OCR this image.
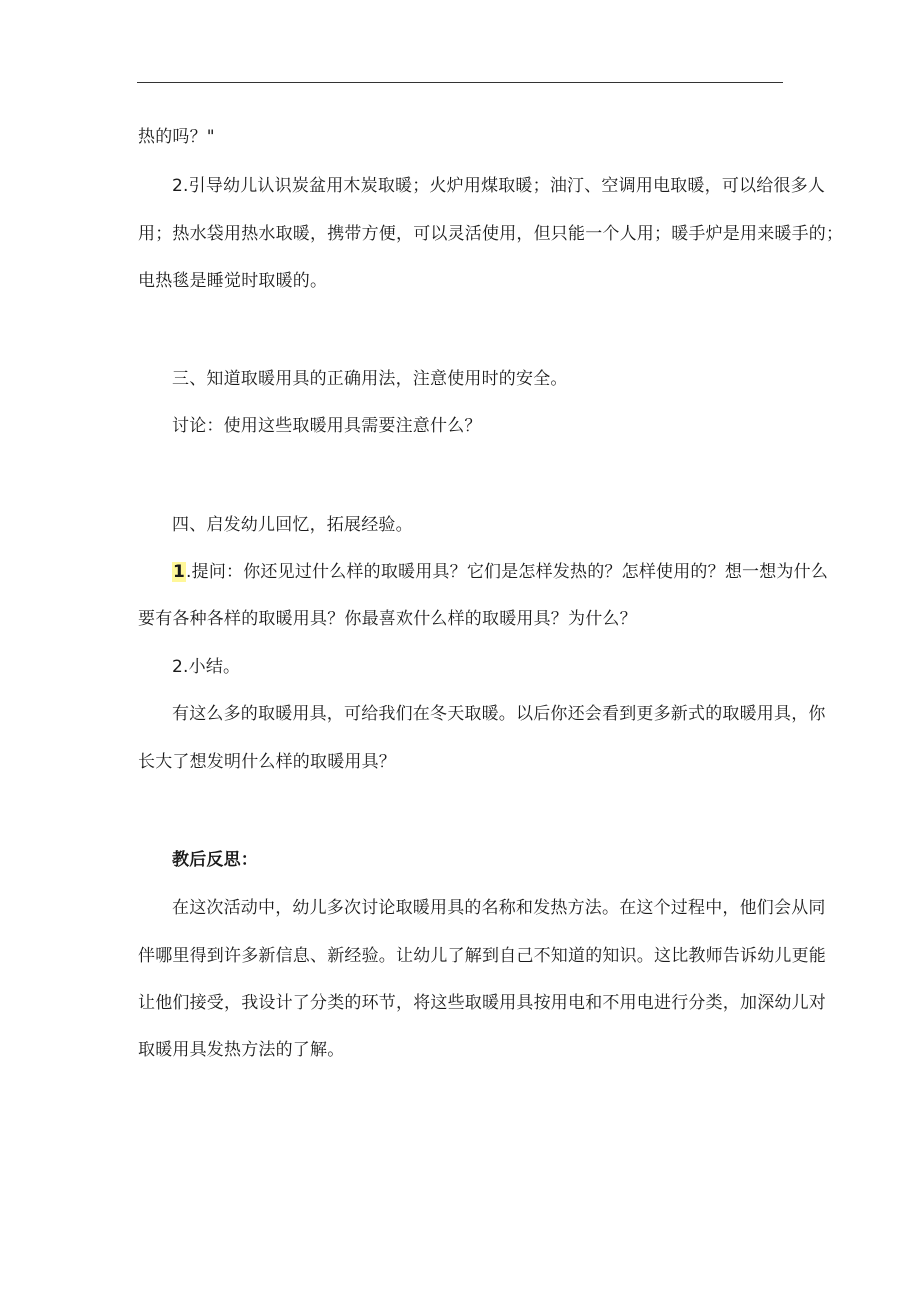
热的吗？"
2.引导幼儿认识炭盆用木炭取暖；火炉用煤取暖；油汀、空调用电取暖，可以给很多人
用；热水袋用热水取暖，携带方便，可以灵活使用，但只能一个人用；暖手炉是用来暖手的；
电热毯是睡觉时取暖的。
三、知道取暖用具的正确用法，注意使用时的安全。
讨论：使用这些取暖用具需要注意什么？
四、启发幼儿回忆，拓展经验。
1.提问：你还见过什么样的取暖用具？它们是怎样发热的？怎样使用的？想一想为什么
要有各种各样的取暖用具？你最喜欢什么样的取暖用具？为什么？
2.小结。
有这么多的取暖用具，可给我们在冬天取暖。以后你还会看到更多新式的取暖用具，你
长大了想发明什么样的取暖用具？
教后反思：
在这次活动中，幼儿多次讨论取暖用具的名称和发热方法。在这个过程中，他们会从同
伴哪里得到许多新信息、新经验。让幼儿了解到自己不知道的知识。这比教师告诉幼儿更能
让他们接受，我设计了分类的环节，将这些取暖用具按用电和不用电进行分类，加深幼儿对
取暖用具发热方法的了解。
